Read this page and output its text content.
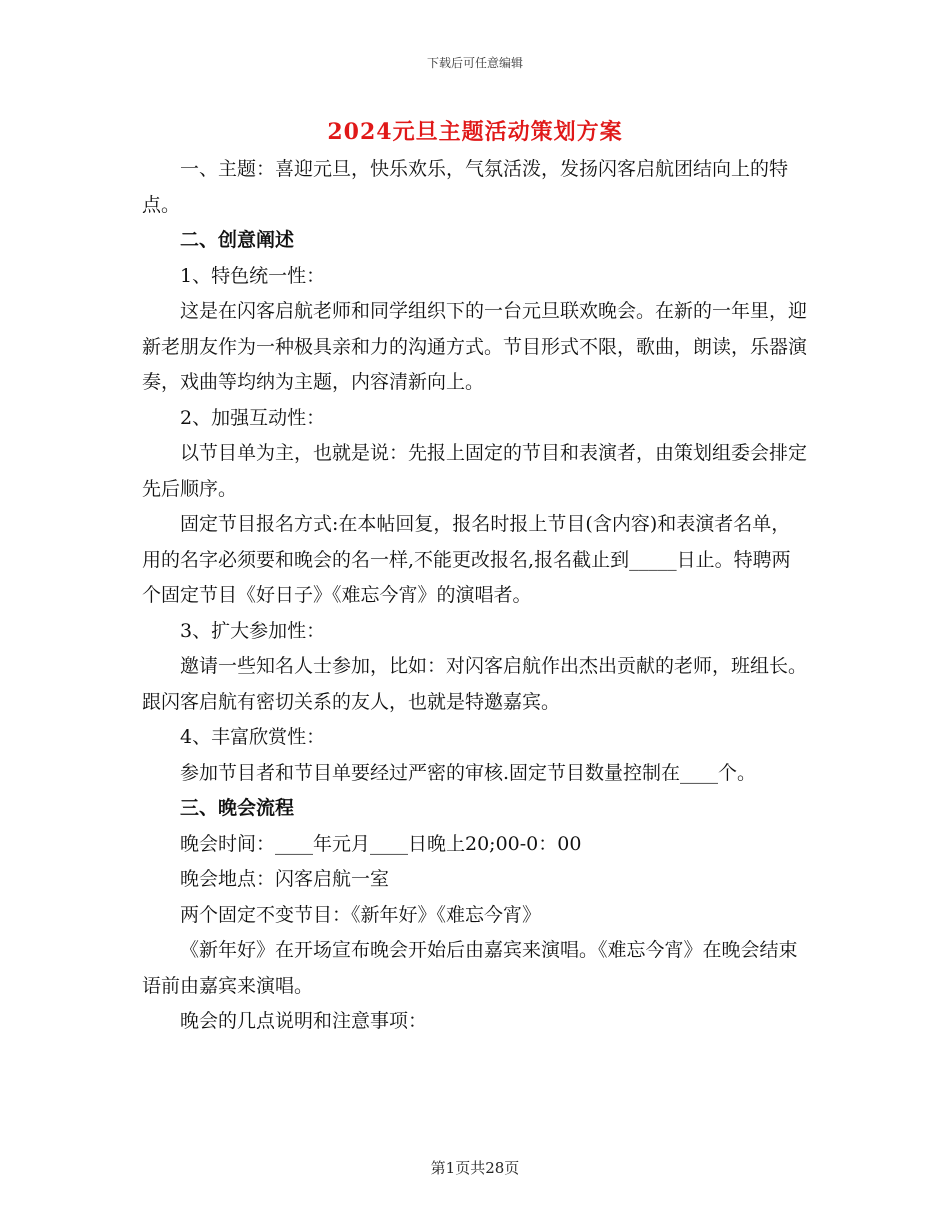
下载后可任意编辑
2024元旦主题活动策划方案

一、主题：喜迎元旦，快乐欢乐，气氛活泼，发扬闪客启航团结向上的特点。

二、创意阐述

1、特色统一性：

这是在闪客启航老师和同学组织下的一台元旦联欢晚会。在新的一年里，迎新老朋友作为一种极具亲和力的沟通方式。节目形式不限，歌曲，朗读，乐器演奏，戏曲等均纳为主题，内容清新向上。

2、加强互动性：

以节目单为主，也就是说：先报上固定的节目和表演者，由策划组委会排定先后顺序。

固定节目报名方式:在本帖回复，报名时报上节目(含内容)和表演者名单，用的名字必须要和晚会的名一样,不能更改报名,报名截止到_____日止。特聘两个固定节目《好日子》《难忘今宵》的演唱者。

3、扩大参加性：

邀请一些知名人士参加，比如：对闪客启航作出杰出贡献的老师，班组长。跟闪客启航有密切关系的友人，也就是特邀嘉宾。

4、丰富欣赏性：

参加节目者和节目单要经过严密的审核.固定节目数量控制在____个。

三、晚会流程

晚会时间：____年元月____日晚上20;00-0：00

晚会地点：闪客启航一室

两个固定不变节目：《新年好》《难忘今宵》

《新年好》在开场宣布晚会开始后由嘉宾来演唱。《难忘今宵》在晚会结束语前由嘉宾来演唱。

晚会的几点说明和注意事项：

第1页共28页
